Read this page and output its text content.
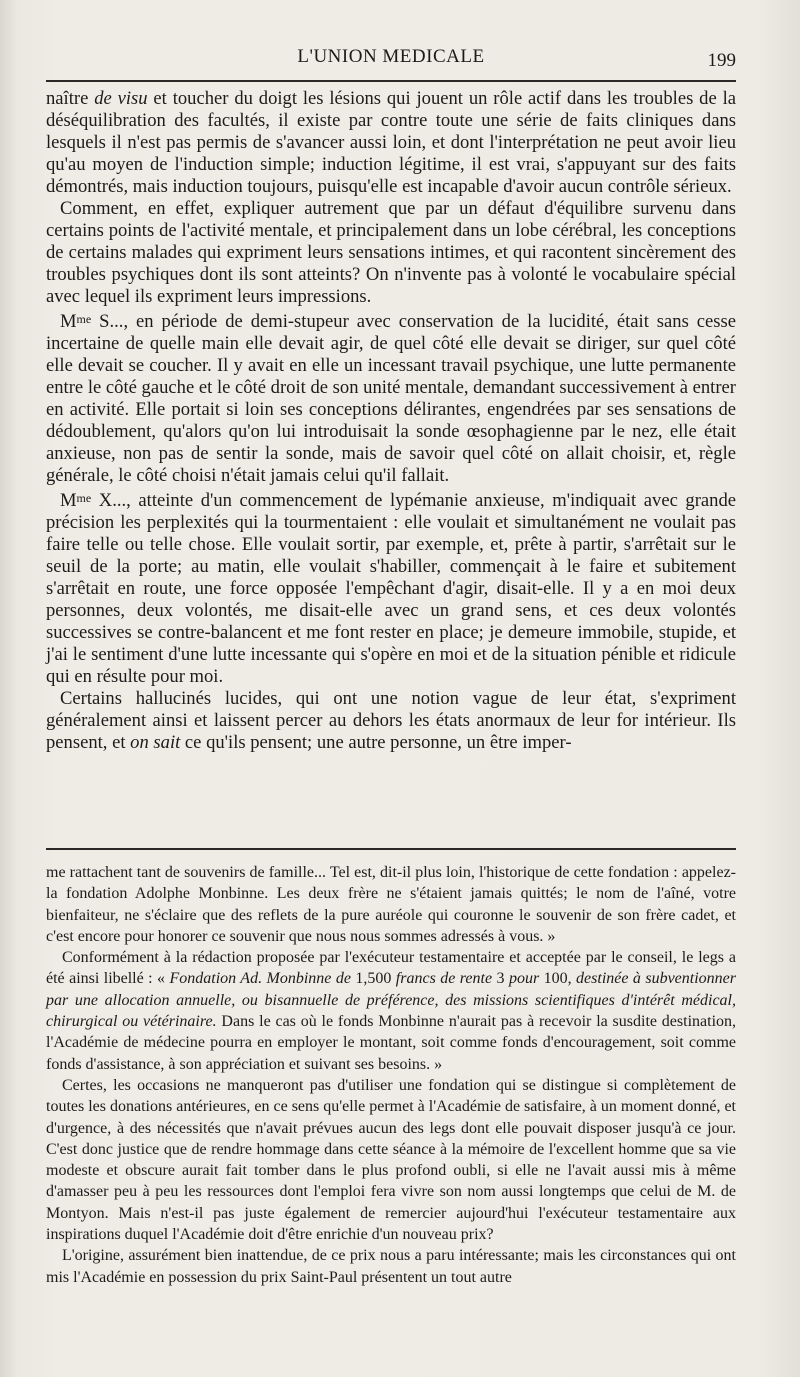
L'UNION MEDICALE	199

naître de visu et toucher du doigt les lésions qui jouent un rôle actif dans les troubles de la déséquilibration des facultés, il existe par contre toute une série de faits cliniques dans lesquels il n'est pas permis de s'avancer aussi loin, et dont l'interprétation ne peut avoir lieu qu'au moyen de l'induction simple; induction légitime, il est vrai, s'appuyant sur des faits démontrés, mais induction toujours, puisqu'elle est incapable d'avoir aucun contrôle sérieux.

Comment, en effet, expliquer autrement que par un défaut d'équilibre survenu dans certains points de l'activité mentale, et principalement dans un lobe cérébral, les conceptions de certains malades qui expriment leurs sensations intimes, et qui racontent sincèrement des troubles psychiques dont ils sont atteints? On n'invente pas à volonté le vocabulaire spécial avec lequel ils expriment leurs impressions.

$M^{me}$ S..., en période de demi-stupeur avec conservation de la lucidité, était sans cesse incertaine de quelle main elle devait agir, de quel côté elle devait se diriger, sur quel côté elle devait se coucher. Il y avait en elle un incessant travail psychique, une lutte permanente entre le côté gauche et le côté droit de son unité mentale, demandant successivement à entrer en activité. Elle portait si loin ses conceptions délirantes, engendrées par ses sensations de dédoublement, qu'alors qu'on lui introduisait la sonde œsophagienne par le nez, elle était anxieuse, non pas de sentir la sonde, mais de savoir quel côté on allait choisir, et, règle générale, le côté choisi n'était jamais celui qu'il fallait.

$M^{me}$ X..., atteinte d'un commencement de lypémanie anxieuse, m'indiquait avec grande précision les perplexités qui la tourmentaient : elle voulait et simultanément ne voulait pas faire telle ou telle chose. Elle voulait sortir, par exemple, et, prête à partir, s'arrêtait sur le seuil de la porte; au matin, elle voulait s'habiller, commençait à le faire et subitement s'arrêtait en route, une force opposée l'empêchant d'agir, disait-elle. Il y a en moi deux personnes, deux volontés, me disait-elle avec un grand sens, et ces deux volontés successives se contre-balancent et me font rester en place; je demeure immobile, stupide, et j'ai le sentiment d'une lutte incessante qui s'opère en moi et de la situation pénible et ridicule qui en résulte pour moi.

Certains hallucinés lucides, qui ont une notion vague de leur état, s'expriment généralement ainsi et laissent percer au dehors les états anormaux de leur for intérieur. Ils pensent, et on sait ce qu'ils pensent; une autre personne, un être imper-

me rattachent tant de souvenirs de famille... Tel est, dit-il plus loin, l'historique de cette fondation : appelez-la fondation Adolphe Monbinne. Les deux frère ne s'étaient jamais quittés; le nom de l'aîné, votre bienfaiteur, ne s'éclaire que des reflets de la pure auréole qui couronne le souvenir de son frère cadet, et c'est encore pour honorer ce souvenir que nous nous sommes adressés à vous. »

Conformément à la rédaction proposée par l'exécuteur testamentaire et acceptée par le conseil, le legs a été ainsi libellé : « Fondation Ad. Monbinne de 1,500 francs de rente 3 pour 100, destinée à subventionner par une allocation annuelle, ou bisannuelle de préférence, des missions scientifiques d'intérêt médical, chirurgical ou vétérinaire. Dans le cas où le fonds Monbinne n'aurait pas à recevoir la susdite destination, l'Académie de médecine pourra en employer le montant, soit comme fonds d'encouragement, soit comme fonds d'assistance, à son appréciation et suivant ses besoins. »

Certes, les occasions ne manqueront pas d'utiliser une fondation qui se distingue si complètement de toutes les donations antérieures, en ce sens qu'elle permet à l'Académie de satisfaire, à un moment donné, et d'urgence, à des nécessités que n'avait prévues aucun des legs dont elle pouvait disposer jusqu'à ce jour. C'est donc justice que de rendre hommage dans cette séance à la mémoire de l'excellent homme que sa vie modeste et obscure aurait fait tomber dans le plus profond oubli, si elle ne l'avait aussi mis à même d'amasser peu à peu les ressources dont l'emploi fera vivre son nom aussi longtemps que celui de M. de Montyon. Mais n'est-il pas juste également de remercier aujourd'hui l'exécuteur testamentaire aux inspirations duquel l'Académie doit d'être enrichie d'un nouveau prix?

L'origine, assurément bien inattendue, de ce prix nous a paru intéressante; mais les circonstances qui ont mis l'Académie en possession du prix Saint-Paul présentent un tout autre
